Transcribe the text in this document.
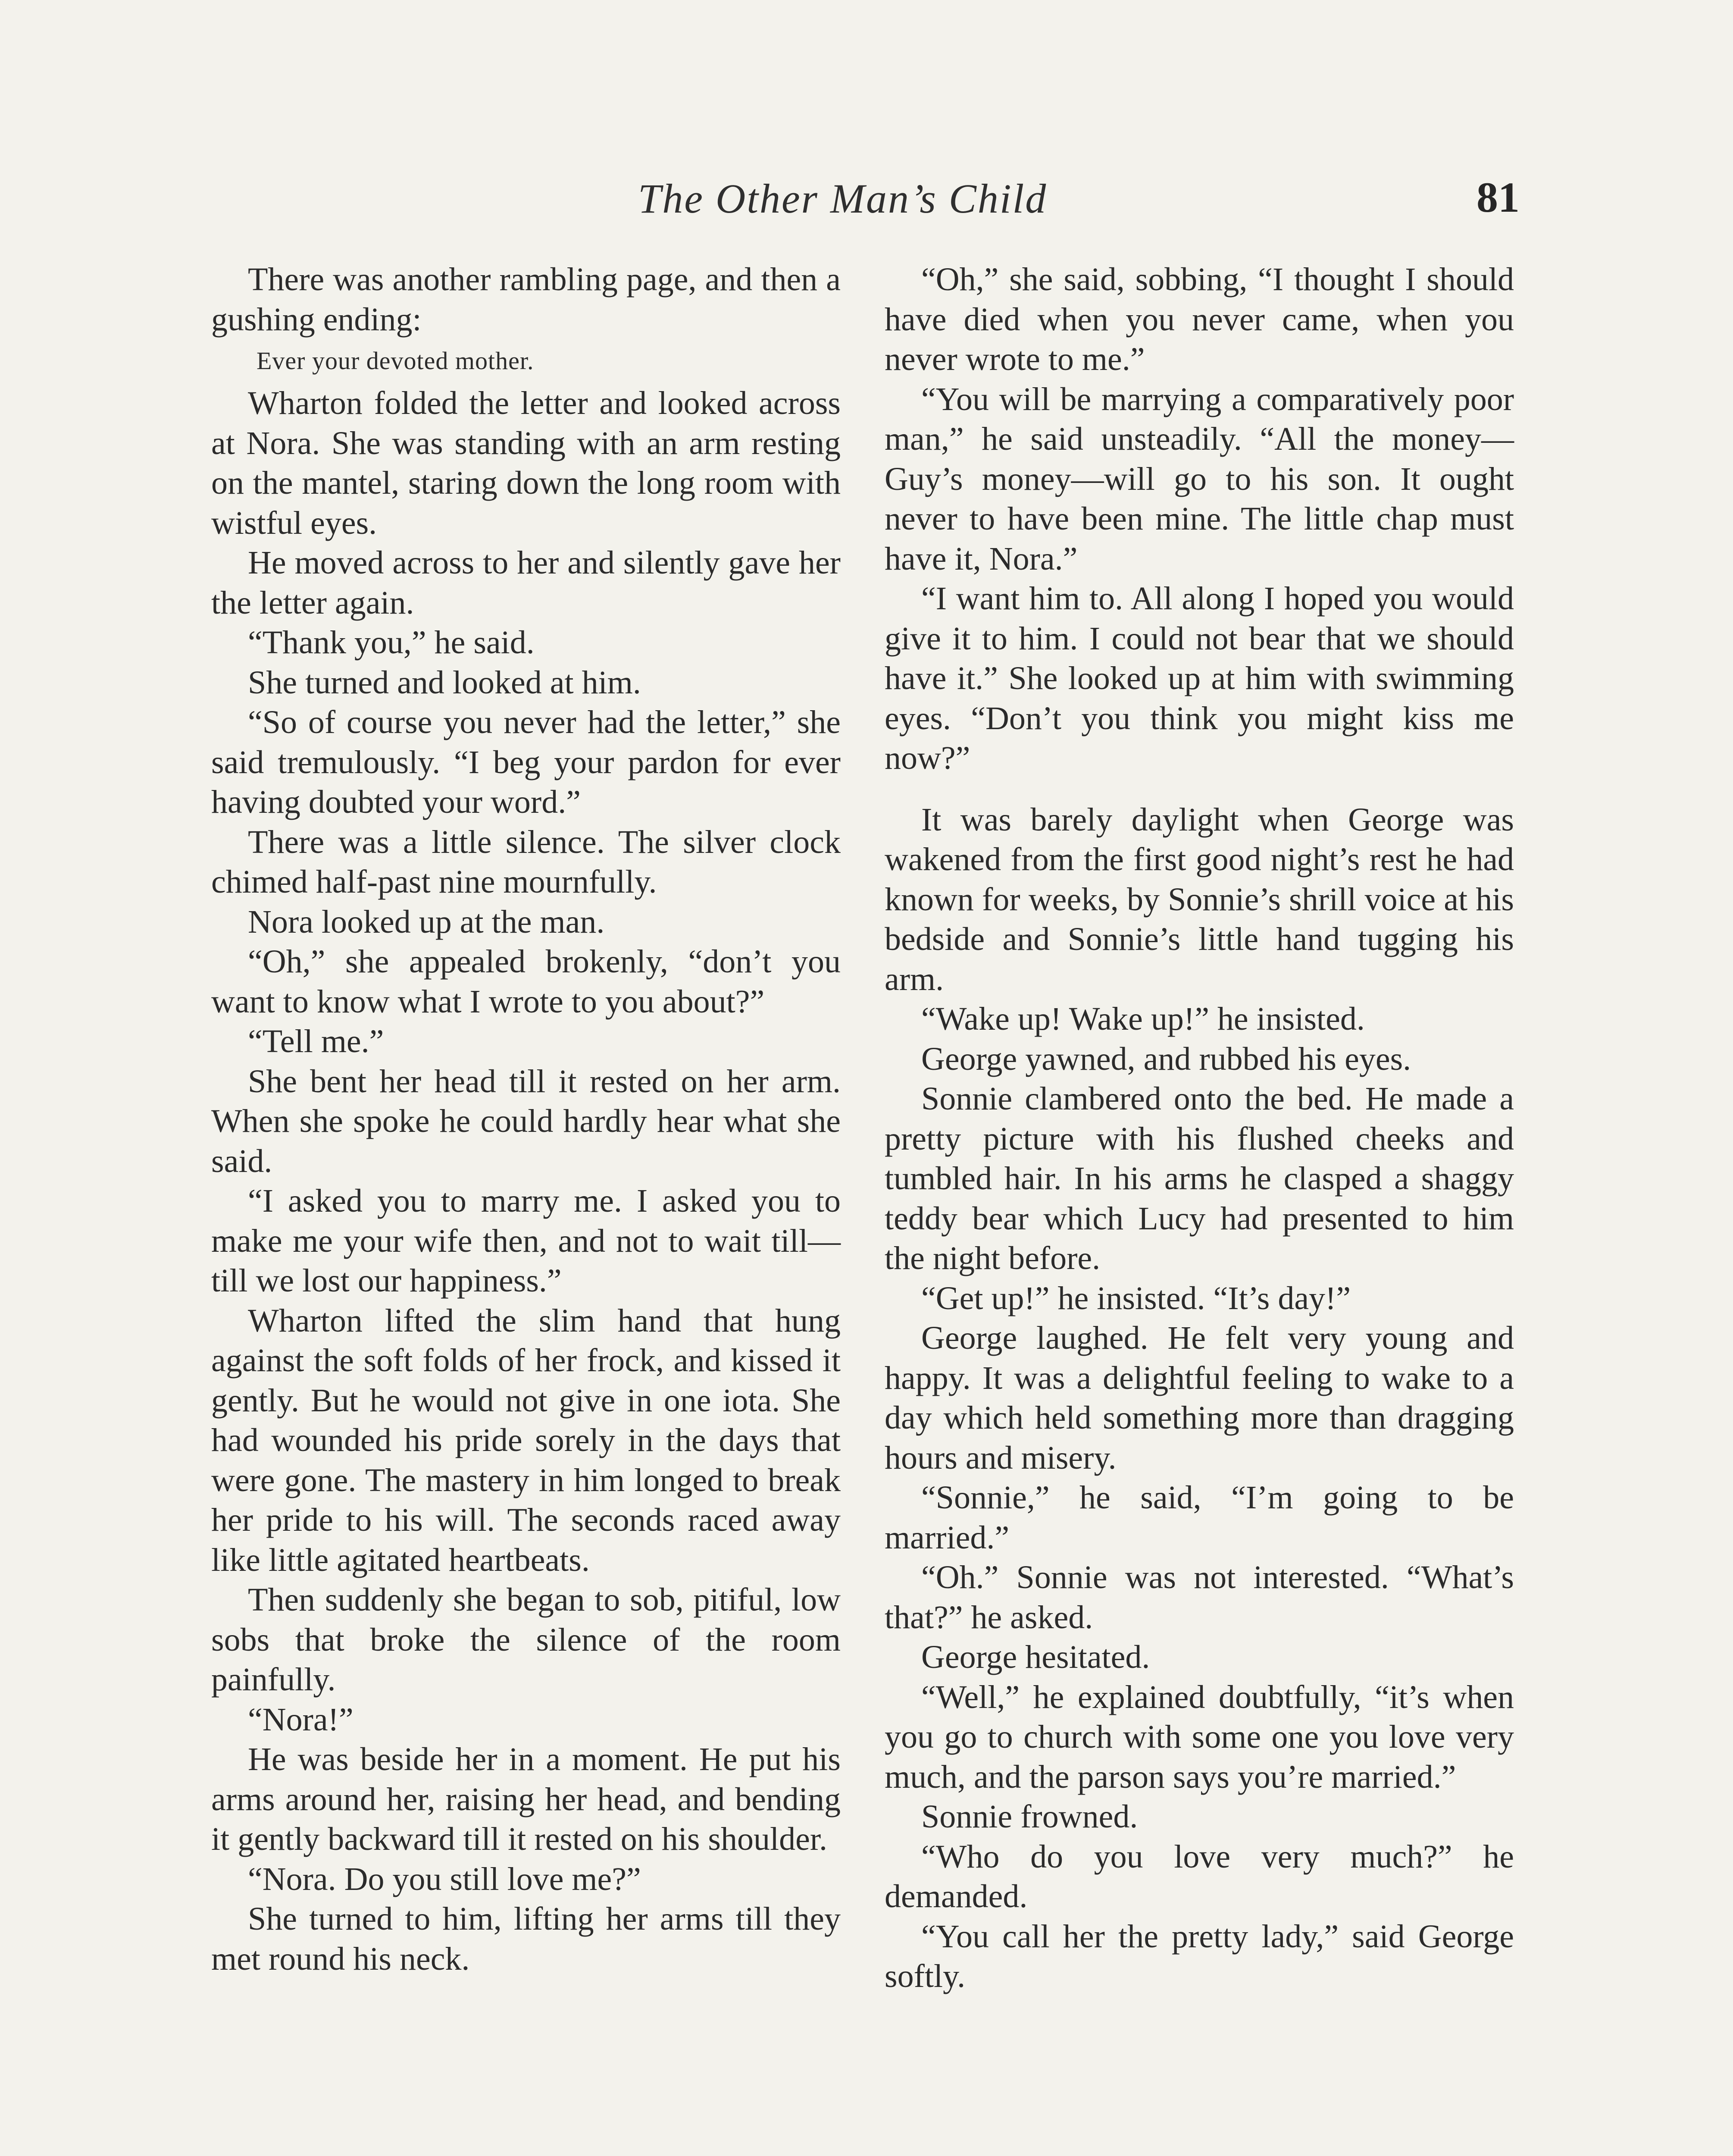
The Other Man’s Child	81

There was another rambling page, and then a gushing ending:

Ever your devoted mother.

Wharton folded the letter and looked across at Nora. She was standing with an arm resting on the mantel, staring down the long room with wistful eyes.

He moved across to her and silently gave her the letter again.

“Thank you,” he said.

She turned and looked at him.

“So of course you never had the letter,” she said tremulously. “I beg your pardon for ever having doubted your word.”

There was a little silence. The silver clock chimed half-past nine mournfully.

Nora looked up at the man.

“Oh,” she appealed brokenly, “don’t you want to know what I wrote to you about?”

“Tell me.”

She bent her head till it rested on her arm. When she spoke he could hardly hear what she said.

“I asked you to marry me. I asked you to make me your wife then, and not to wait till—till we lost our happiness.”

Wharton lifted the slim hand that hung against the soft folds of her frock, and kissed it gently. But he would not give in one iota. She had wounded his pride sorely in the days that were gone. The mastery in him longed to break her pride to his will. The seconds raced away like little agitated heartbeats.

Then suddenly she began to sob, pitiful, low sobs that broke the silence of the room painfully.

“Nora!”

He was beside her in a moment. He put his arms around her, raising her head, and bending it gently backward till it rested on his shoulder.

“Nora. Do you still love me?”

She turned to him, lifting her arms till they met round his neck.

“Oh,” she said, sobbing, “I thought I should have died when you never came, when you never wrote to me.”

“You will be marrying a comparatively poor man,” he said unsteadily. “All the money—Guy’s money—will go to his son. It ought never to have been mine. The little chap must have it, Nora.”

“I want him to. All along I hoped you would give it to him. I could not bear that we should have it.” She looked up at him with swimming eyes. “Don’t you think you might kiss me now?”

It was barely daylight when George was wakened from the first good night’s rest he had known for weeks, by Sonnie’s shrill voice at his bedside and Sonnie’s little hand tugging his arm.

“Wake up! Wake up!” he insisted.

George yawned, and rubbed his eyes.

Sonnie clambered onto the bed. He made a pretty picture with his flushed cheeks and tumbled hair. In his arms he clasped a shaggy teddy bear which Lucy had presented to him the night before.

“Get up!” he insisted. “It’s day!”

George laughed. He felt very young and happy. It was a delightful feeling to wake to a day which held something more than dragging hours and misery.

“Sonnie,” he said, “I’m going to be married.”

“Oh.” Sonnie was not interested. “What’s that?” he asked.

George hesitated.

“Well,” he explained doubtfully, “it’s when you go to church with some one you love very much, and the parson says you’re married.”

Sonnie frowned.

“Who do you love very much?” he demanded.

“You call her the pretty lady,” said George softly.
